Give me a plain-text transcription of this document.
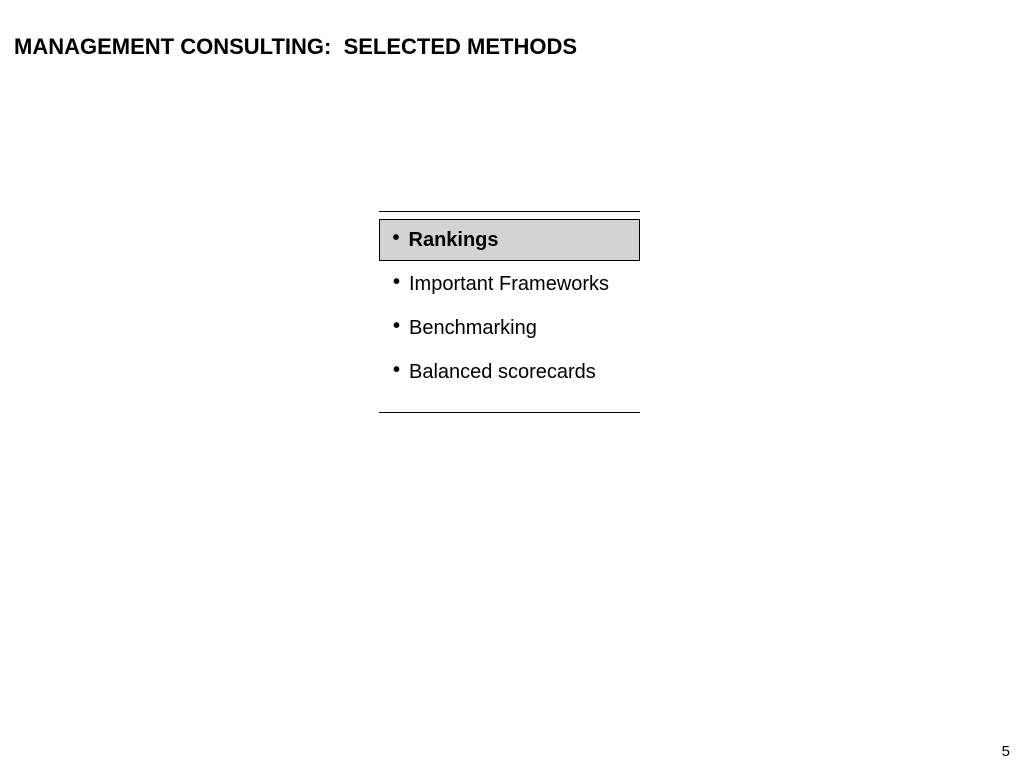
MANAGEMENT CONSULTING:  SELECTED METHODS
• Rankings
• Important Frameworks
• Benchmarking
• Balanced scorecards
5
